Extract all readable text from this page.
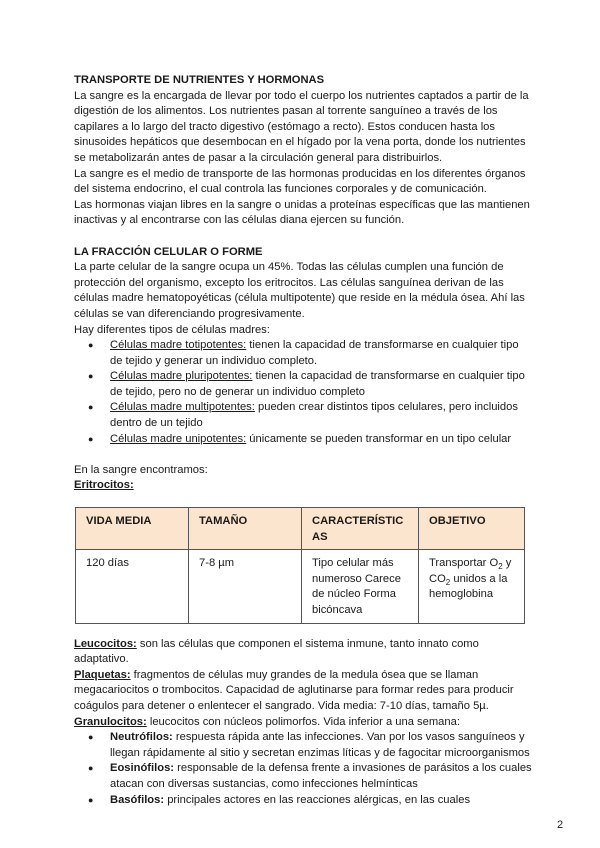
TRANSPORTE DE NUTRIENTES Y HORMONAS

La sangre es la encargada de llevar por todo el cuerpo los nutrientes captados a partir de la digestión de los alimentos. Los nutrientes pasan al torrente sanguíneo a través de los capilares a lo largo del tracto digestivo (estómago a recto). Estos conducen hasta los sinusoides hepáticos que desembocan en el hígado por la vena porta, donde los nutrientes se metabolizarán antes de pasar a la circulación general para distribuirlos.

La sangre es el medio de transporte de las hormonas producidas en los diferentes órganos del sistema endocrino, el cual controla las funciones corporales y de comunicación.

Las hormonas viajan libres en la sangre o unidas a proteínas específicas que las mantienen inactivas y al encontrarse con las células diana ejercen su función.

LA FRACCIÓN CELULAR O FORME

La parte celular de la sangre ocupa un 45%. Todas las células cumplen una función de protección del organismo, excepto los eritrocitos. Las células sanguínea derivan de las células madre hematopoyéticas (célula multipotente) que reside en la médula ósea. Ahí las células se van diferenciando progresivamente.

Hay diferentes tipos de células madres:

● Células madre totipotentes: tienen la capacidad de transformarse en cualquier tipo de tejido y generar un individuo completo.
● Células madre pluripotentes: tienen la capacidad de transformarse en cualquier tipo de tejido, pero no de generar un individuo completo
● Células madre multipotentes: pueden crear distintos tipos celulares, pero incluidos dentro de un tejido
● Células madre unipotentes: únicamente se pueden transformar en un tipo celular

En la sangre encontramos:

Eritrocitos:

VIDA MEDIA	TAMAÑO	CARACTERÍSTICAS	OBJETIVO
120 días	7-8 µm	Tipo celular más numeroso Carece de núcleo Forma bicóncava	Transportar $O_2$ y $CO_2$ unidos a la hemoglobina

Leucocitos: son las células que componen el sistema inmune, tanto innato como adaptativo.

Plaquetas: fragmentos de células muy grandes de la medula ósea que se llaman megacariocitos o trombocitos. Capacidad de aglutinarse para formar redes para producir coágulos para detener o enlentecer el sangrado. Vida media: 7-10 días, tamaño 5µ.

Granulocitos: leucocitos con núcleos polimorfos. Vida inferior a una semana:

● Neutrófilos: respuesta rápida ante las infecciones. Van por los vasos sanguíneos y llegan rápidamente al sitio y secretan enzimas líticas y de fagocitar microorganismos
● Eosinófilos: responsable de la defensa frente a invasiones de parásitos a los cuales atacan con diversas sustancias, como infecciones helmínticas
● Basófilos: principales actores en las reacciones alérgicas, en las cuales
2
